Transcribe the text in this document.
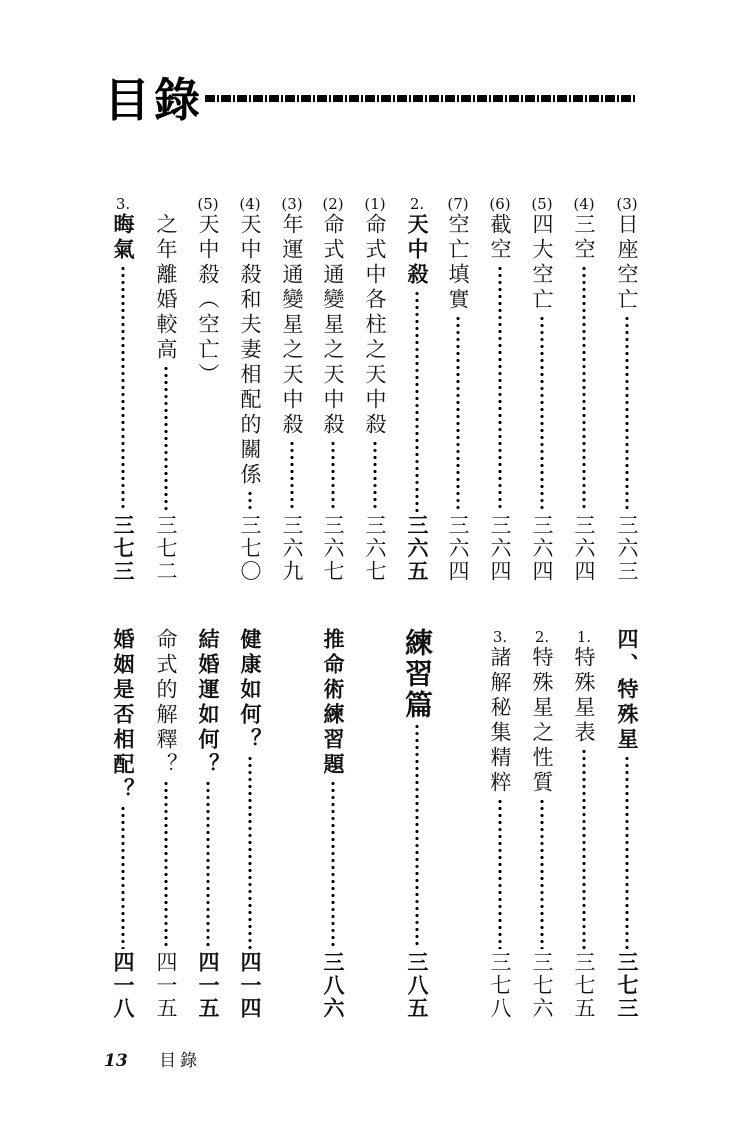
目錄
(3)
日座空亡
三六三
(4)
三空
三六四
(5)
四大空亡
三六四
(6)
截空
三六四
(7)
空亡填實
三六四
2.
天中殺
三六五
(1)
命式中各柱之天中殺
三六七
(2)
命式通變星之天中殺
三六七
(3)
年運通變星之天中殺
三六九
(4)
天中殺和夫妻相配的關係
三七〇
(5)
天中殺（空亡）
之年離婚較高
三七二
3.
晦氣
三七三
四、特殊星
三七三
1.
特殊星表
三七五
2.
特殊星之性質
三七六
3.
諸解秘集精粹
三七八
練習篇
三八五
推命術練習題
三八六
健康如何？
四一四
結婚運如何？
四一五
命式的解釋？
四一五
婚姻是否相配？
四一八
13 目錄
